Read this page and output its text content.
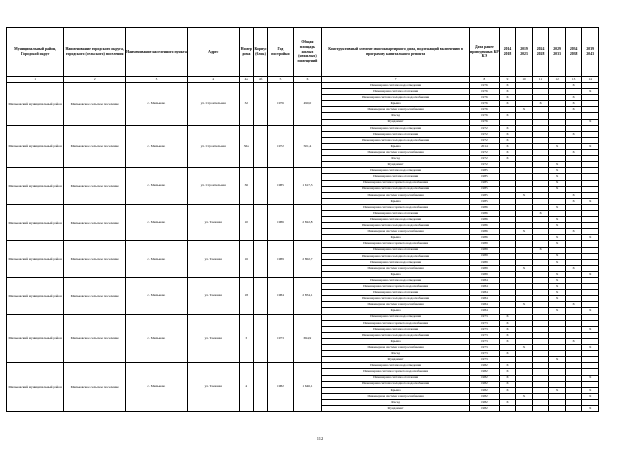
Муниципальный район, Городской округ	Наименование городского округа, городского (сельского) поселения	Наименование населенного пункта	Адрес	Номер дома	Корпус (блок)	Год постройки	Общая площадь жилых (нежилых) помещений	Конструктивный элемент многоквартирного дома, подлежащий включению в программу капитального ремонта	Дата ранее проведенных КР КЭ	2014 2018	2019 2023	2024 2028	2029 2033	2034 2038	2039 2043
1	2	3	4	4а	4б	5	6	7	8	9	10	11	12	13	14
Мильковский муниципальный район	Мильковское сельское поселение	с. Мильково	ул. Строительная	32		1976	490,0	Инженерная система водоотведения	1976	X				X	
								Инженерная система отопления	1976	X					X
								Инженерная система холодного водоснабжения	1976	X				X	
								Крыша	1976	X		X		X	
								Инженерная система электроснабжения	1976		X			X	
								Фасад	1976	X					
								Фундамент	1976						X
Мильковский муниципальный район	Мильковское сельское поселение	с. Мильково	ул. Строительная	36а		1972	501,4	Инженерная система водоотведения	1972	X					
								Инженерная система отопления	1972	X				X	
								Инженерная система холодного водоснабжения	1972	X					
								Крыша	2014	X			X		X
								Инженерная система электроснабжения	1972	X				X	
								Фасад	1972	X					
								Фундамент	1972				X		
Мильковский муниципальный район	Мильковское сельское поселение	с. Мильково	ул. Строительная	36		1985	1 617,3	Инженерная система водоотведения	1985				X		
								Инженерная система отопления	1985				X		
								Инженерная система горячего водоснабжения	1985				X		
								Инженерная система холодного водоснабжения	1985				X		
								Инженерная система электроснабжения	1985		X			X	
								Крыша	1985					X	X
Мильковский муниципальный район	Мильковское сельское поселение	с. Мильково	ул. Таежная	10		1986	2 822,8	Инженерная система горячего водоснабжения	1986				X		
								Инженерная система отопления	1986			X			
								Инженерная система водоотведения	1986				X		
								Инженерная система холодного водоснабжения	1986				X		
								Инженерная система электроснабжения	1986		X			X	
								Крыша	1986				X		X
Мильковский муниципальный район	Мильковское сельское поселение	с. Мильково	ул. Таежная	16		1989	2 802,7	Инженерная система горячего водоснабжения	1989				X		
								Инженерная система отопления	1989			X			
								Инженерная система холодного водоснабжения	1989				X		
								Инженерная система водоотведения	1989				X		
								Инженерная система электроснабжения	1989		X			X	
								Крыша	1989				X		X
Мильковский муниципальный район	Мильковское сельское поселение	с. Мильково	ул. Таежная	18		1984	2 854,1	Инженерная система водоотведения	1984				X		
								Инженерная система горячего водоснабжения	1984				X		
								Инженерная система отопления	1984				X		
								Инженерная система холодного водоснабжения	1984				X		
								Инженерная система электроснабжения	1984		X			X	
								Крыша	1984				X		X
Мильковский муниципальный район	Мильковское сельское поселение	с. Мильково	ул. Таежная	3		1973	694,9	Инженерная система водоотведения	1973	X					
								Инженерная система горячего водоснабжения	1973	X					
								Инженерная система отопления	1973	X					X
								Инженерная система холодного водоснабжения	1973	X					
								Крыша	1973	X				X	
								Инженерная система электроснабжения	1973		X				X
								Фасад	1973	X					
								Фундамент	1973				X		
Мильковский муниципальный район	Мильковское сельское поселение	с. Мильково	ул. Таежная	4		1982	1 646,1	Инженерная система водоотведения	1982	X					
								Инженерная система горячего водоснабжения	1982	X					
								Инженерная система отопления	1982	X					X
								Инженерная система холодного водоснабжения	1982	X					
								Крыша	1982	X			X		X
								Инженерная система электроснабжения	1982		X				X
								Фасад	1982	X					
								Фундамент	1982						X
112
